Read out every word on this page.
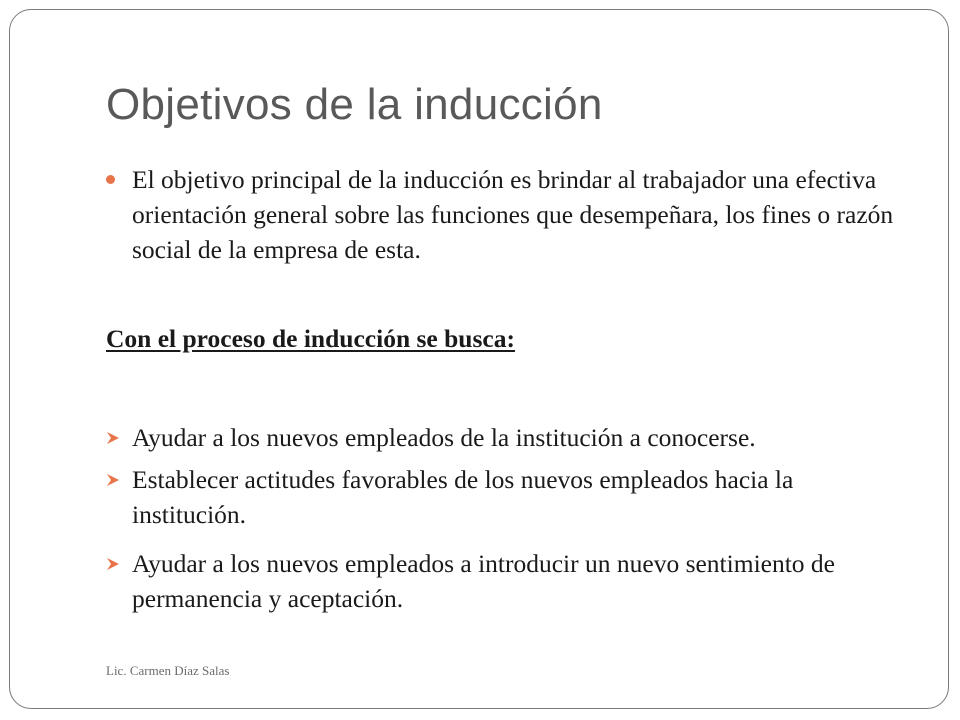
Objetivos de la inducción
El objetivo principal de la inducción es brindar al trabajador una efectiva orientación general sobre las funciones que desempeñara, los fines o razón social de la empresa de esta.

Con el proceso de inducción se busca:

Ayudar a los nuevos empleados de la institución a conocerse.
Establecer actitudes favorables de los nuevos empleados hacia la institución.
Ayudar a los nuevos empleados a introducir un nuevo sentimiento de permanencia y aceptación.
Lic. Carmen Díaz Salas
